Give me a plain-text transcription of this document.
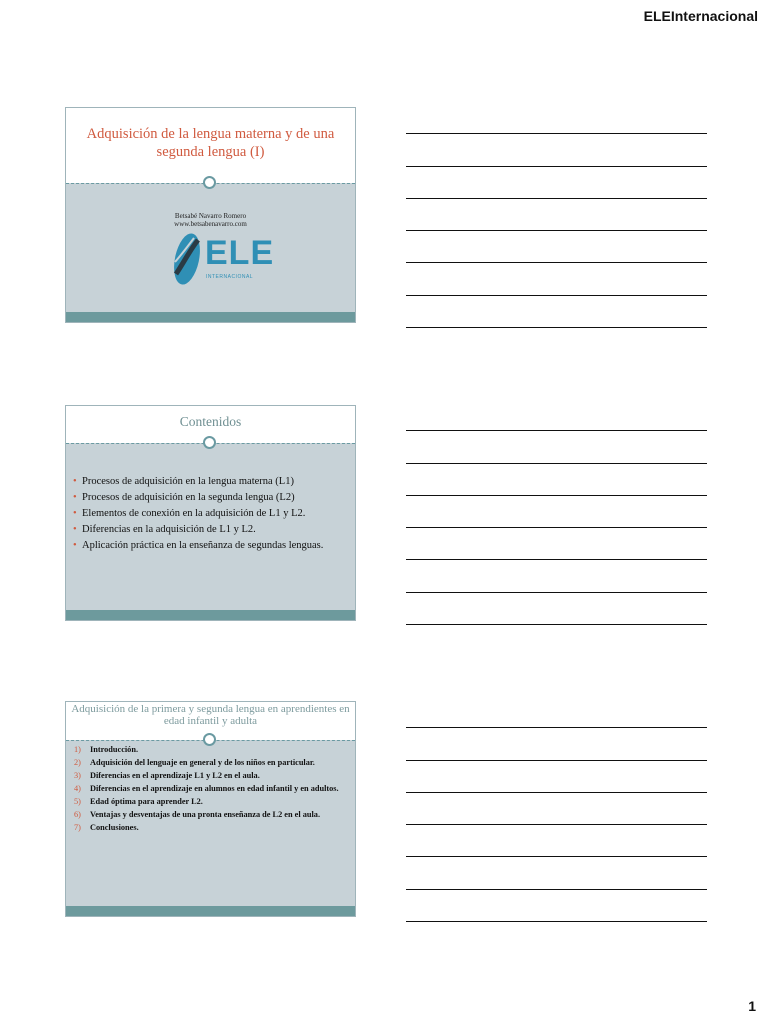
ELEInternacional
Adquisición de la lengua materna y de una segunda lengua (I)
Betsabé Navarro Romero
www.betsabenavarro.com
ELE
INTERNACIONAL
Contenidos
• Procesos de adquisición en la lengua materna (L1)
• Procesos de adquisición en la segunda lengua (L2)
• Elementos de conexión en la adquisición de L1 y L2.
• Diferencias en la adquisición de L1 y L2.
• Aplicación práctica en la enseñanza de segundas lenguas.
Adquisición de la primera y segunda lengua en aprendientes en edad infantil y adulta
1) Introducción.
2) Adquisición del lenguaje en general y de los niños en particular.
3) Diferencias en el aprendizaje L1 y L2 en el aula.
4) Diferencias en el aprendizaje en alumnos en edad infantil y en adultos.
5) Edad óptima para aprender L2.
6) Ventajas y desventajas de una pronta enseñanza de L2 en el aula.
7) Conclusiones.
1
